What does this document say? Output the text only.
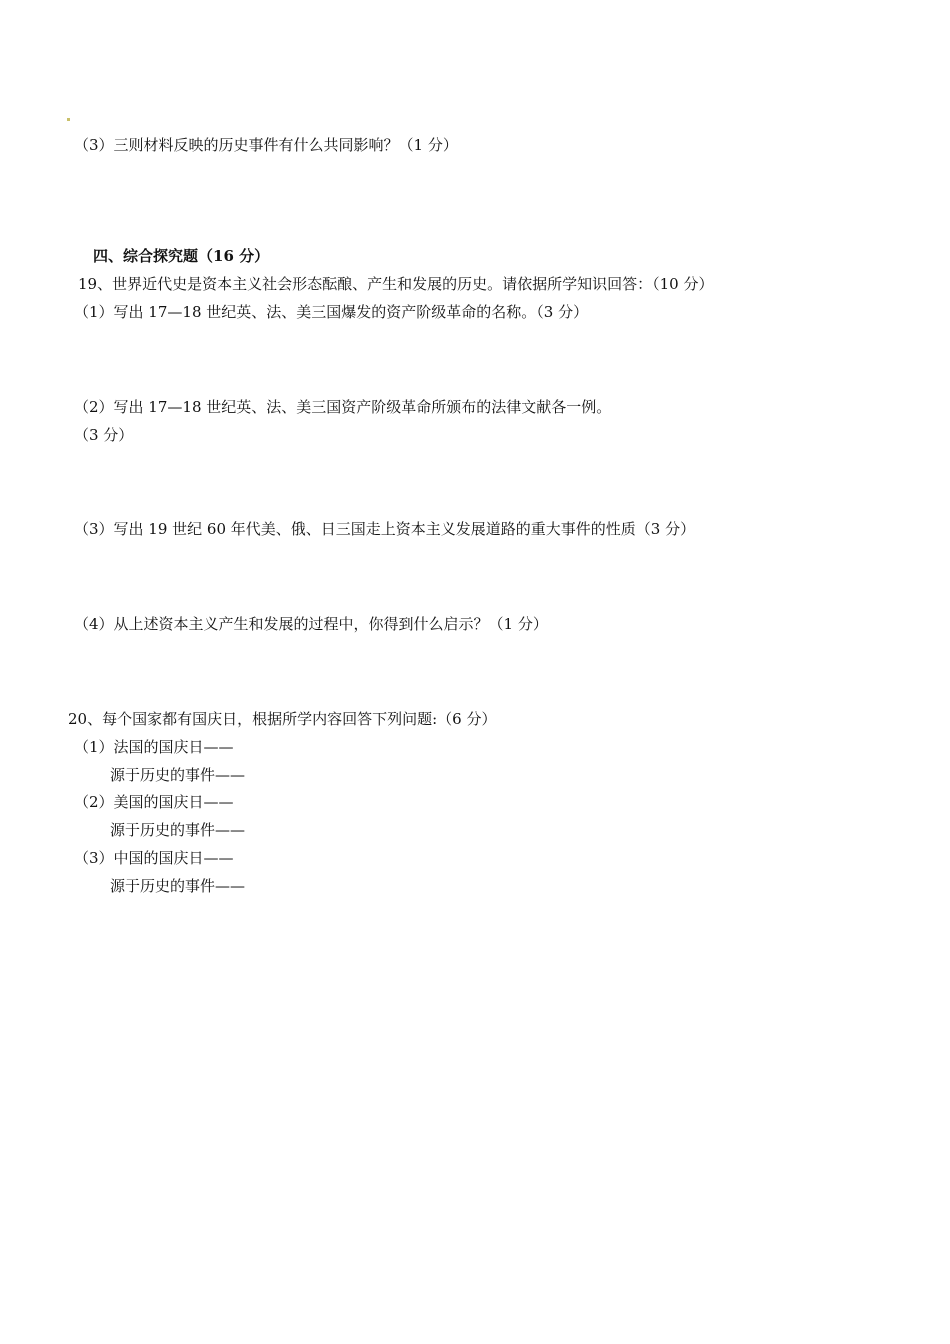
（3）三则材料反映的历史事件有什么共同影响？（1 分）
四、综合探究题（16 分）
19、世界近代史是资本主义社会形态酝酿、产生和发展的历史。请依据所学知识回答：（10 分）
（1）写出 17—18 世纪英、法、美三国爆发的资产阶级革命的名称。（3 分）
（2）写出 17—18 世纪英、法、美三国资产阶级革命所颁布的法律文献各一例。
（3 分）
（3）写出 19 世纪 60 年代美、俄、日三国走上资本主义发展道路的重大事件的性质（3 分）
（4）从上述资本主义产生和发展的过程中，你得到什么启示？（1 分）
20、每个国家都有国庆日，根据所学内容回答下列问题:（6 分）
（1）法国的国庆日——
源于历史的事件——
（2）美国的国庆日——
源于历史的事件——
（3）中国的国庆日——
源于历史的事件——
